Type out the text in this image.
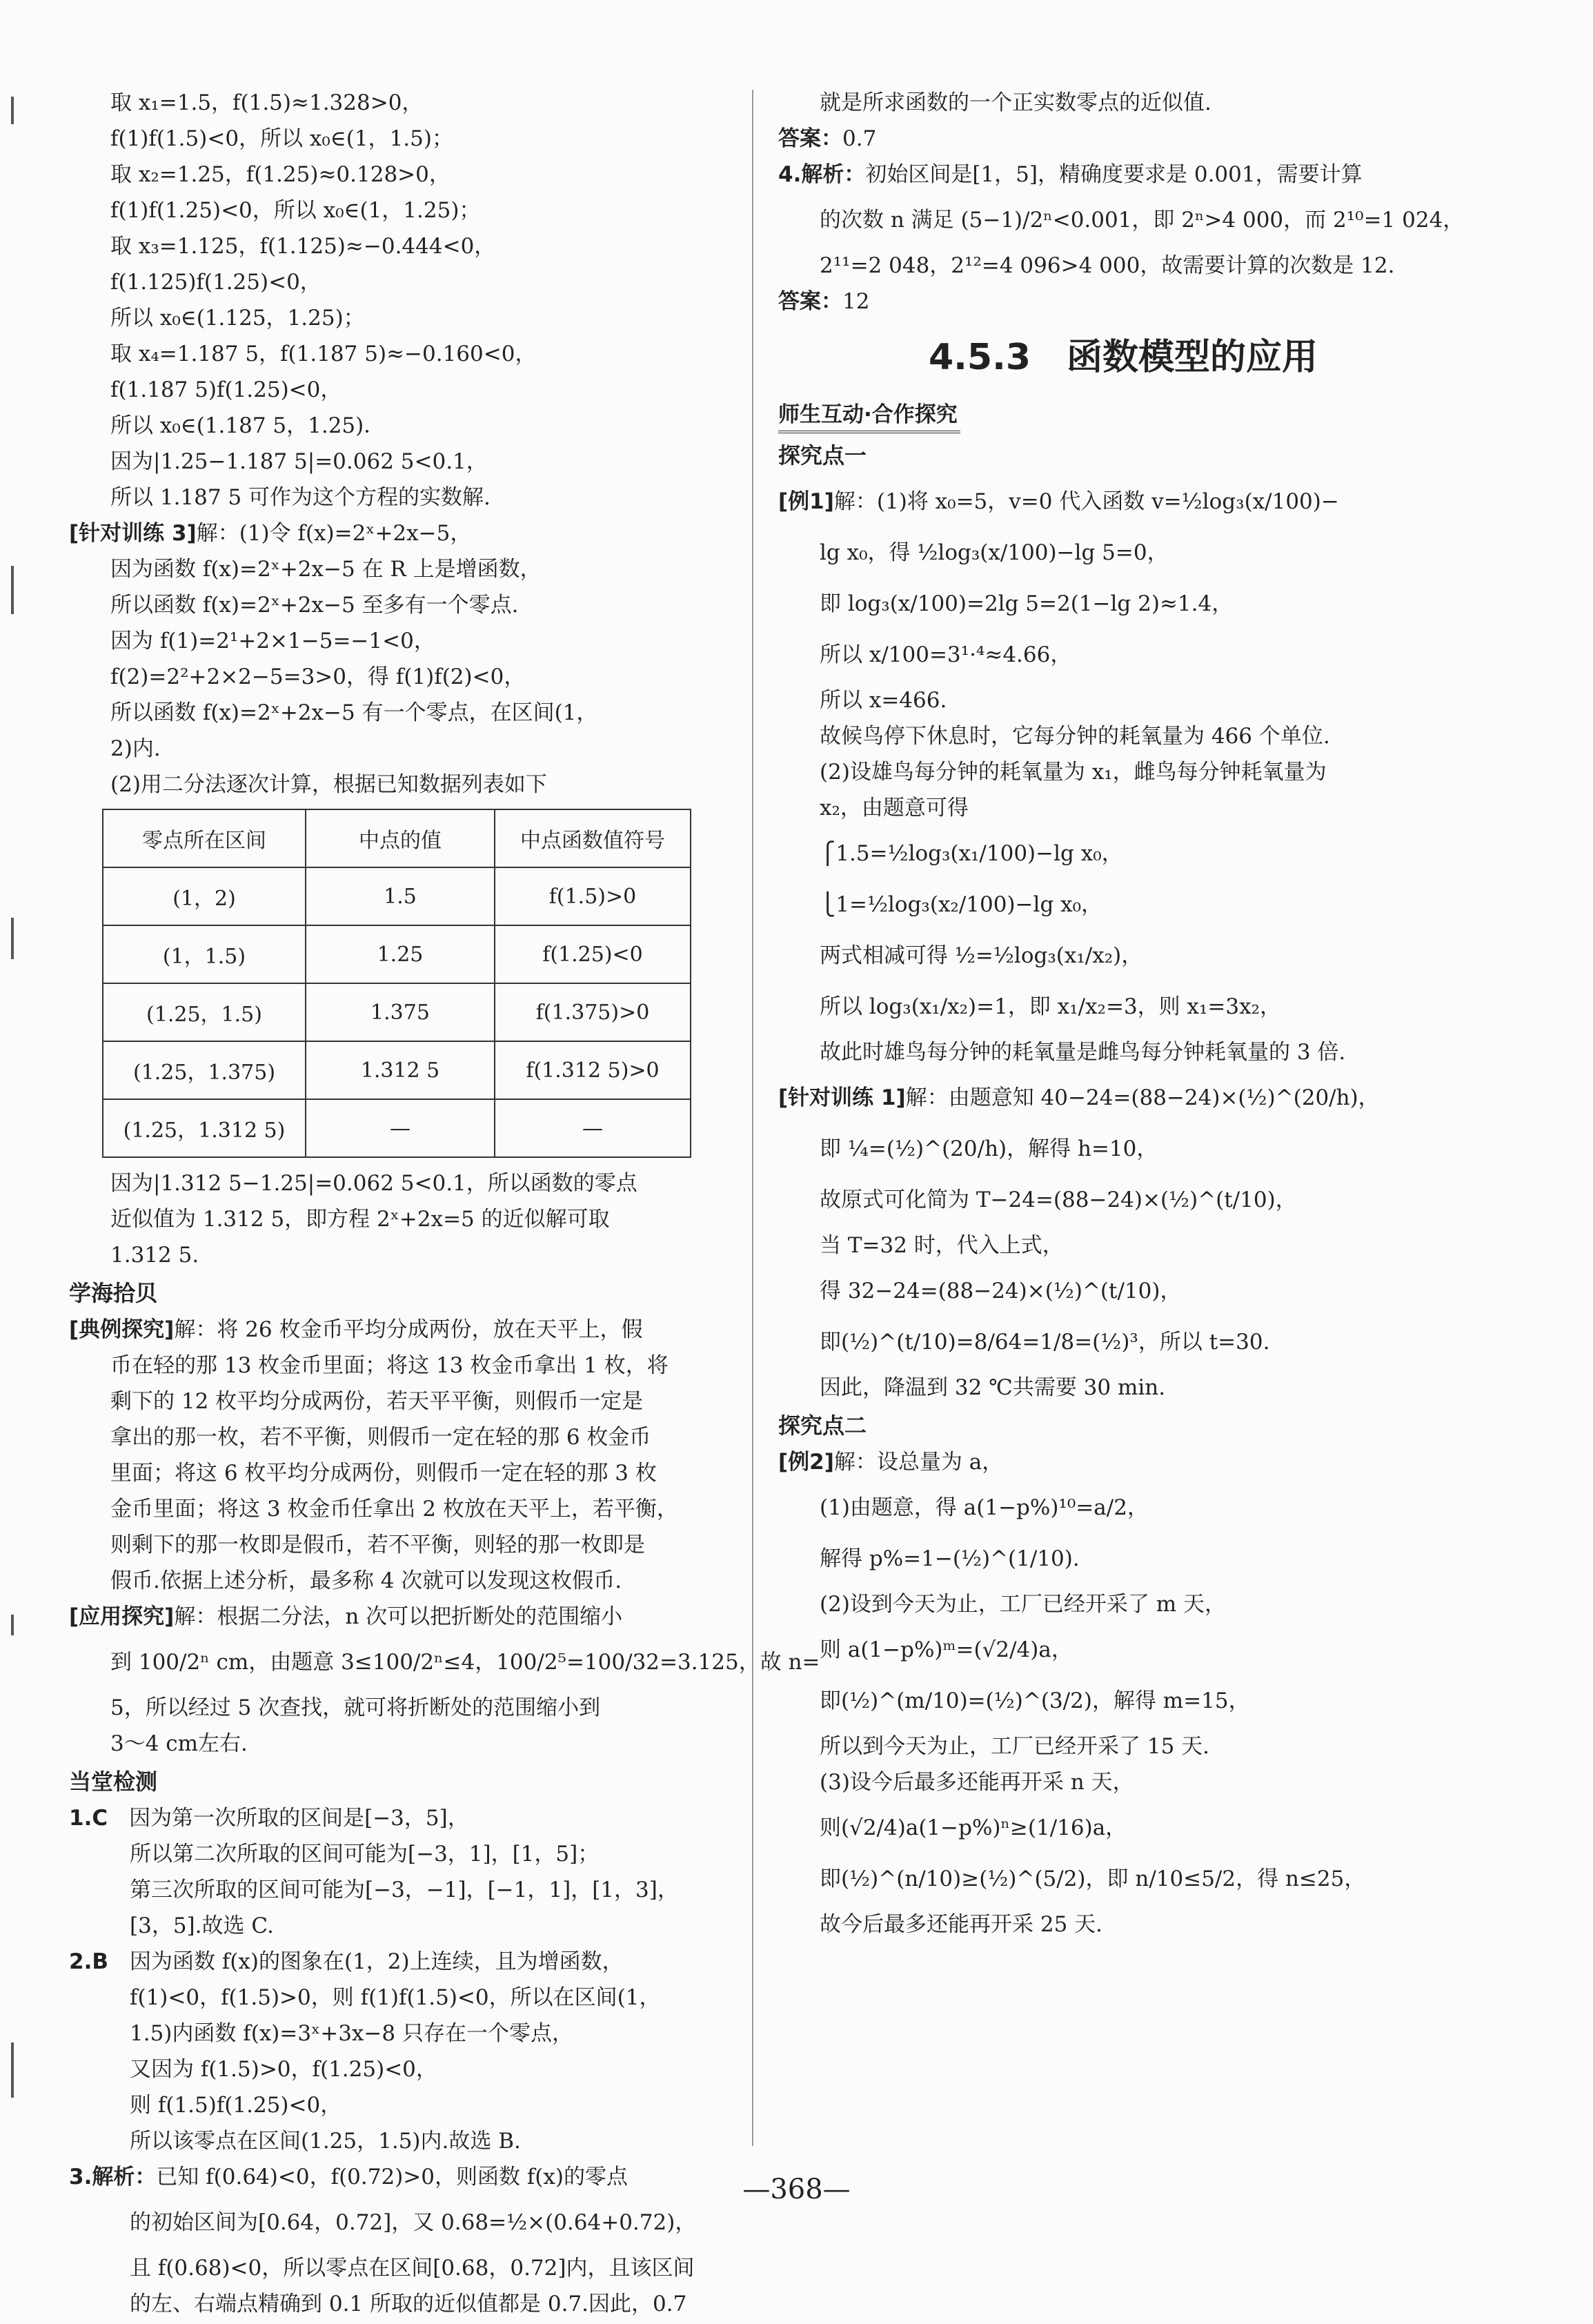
取 x₁=1.5，f(1.5)≈1.328>0，
f(1)f(1.5)<0，所以 x₀∈(1，1.5)；
取 x₂=1.25，f(1.25)≈0.128>0，
f(1)f(1.25)<0，所以 x₀∈(1，1.25)；
取 x₃=1.125，f(1.125)≈−0.444<0，
f(1.125)f(1.25)<0，
所以 x₀∈(1.125，1.25)；
取 x₄=1.187 5，f(1.187 5)≈−0.160<0，
f(1.187 5)f(1.25)<0，
所以 x₀∈(1.187 5，1.25)．
因为|1.25−1.187 5|=0.062 5<0.1，
所以 1.187 5 可作为这个方程的实数解.
[针对训练 3]解：(1)令 f(x)=2ˣ+2x−5，
因为函数 f(x)=2ˣ+2x−5 在 R 上是增函数，
所以函数 f(x)=2ˣ+2x−5 至多有一个零点.
因为 f(1)=2¹+2×1−5=−1<0，
f(2)=2²+2×2−5=3>0，得 f(1)f(2)<0，
所以函数 f(x)=2ˣ+2x−5 有一个零点，在区间(1，
2)内.
(2)用二分法逐次计算，根据已知数据列表如下
零点所在区间	中点的值	中点函数值符号
(1，2)	1.5	f(1.5)>0
(1，1.5)	1.25	f(1.25)<0
(1.25，1.5)	1.375	f(1.375)>0
(1.25，1.375)	1.312 5	f(1.312 5)>0
(1.25，1.312 5)	—	—
因为|1.312 5−1.25|=0.062 5<0.1，所以函数的零点
近似值为 1.312 5，即方程 2ˣ+2x=5 的近似解可取
1.312 5.
学海拾贝
[典例探究]解：将 26 枚金币平均分成两份，放在天平上，假
币在轻的那 13 枚金币里面；将这 13 枚金币拿出 1 枚，将
剩下的 12 枚平均分成两份，若天平平衡，则假币一定是
拿出的那一枚，若不平衡，则假币一定在轻的那 6 枚金币
里面；将这 6 枚平均分成两份，则假币一定在轻的那 3 枚
金币里面；将这 3 枚金币任拿出 2 枚放在天平上，若平衡，
则剩下的那一枚即是假币，若不平衡，则轻的那一枚即是
假币.依据上述分析，最多称 4 次就可以发现这枚假币.
[应用探究]解：根据二分法，n 次可以把折断处的范围缩小
到 100/2ⁿ cm，由题意 3≤100/2ⁿ≤4，100/2⁵=100/32=3.125，故 n=
5，所以经过 5 次查找，就可将折断处的范围缩小到
3～4 cm左右.
当堂检测
1.C　 因为第一次所取的区间是[−3，5]，
所以第二次所取的区间可能为[−3，1]，[1，5]；
第三次所取的区间可能为[−3，−1]，[−1，1]，[1，3]，
[3，5].故选 C.
2.B　 因为函数 f(x)的图象在(1，2)上连续，且为增函数，
f(1)<0，f(1.5)>0，则 f(1)f(1.5)<0，所以在区间(1，
1.5)内函数 f(x)=3ˣ+3x−8 只存在一个零点，
又因为 f(1.5)>0，f(1.25)<0，
则 f(1.5)f(1.25)<0，
所以该零点在区间(1.25，1.5)内.故选 B.
3.解析：已知 f(0.64)<0，f(0.72)>0，则函数 f(x)的零点
的初始区间为[0.64，0.72]，又 0.68=½×(0.64+0.72)，
且 f(0.68)<0，所以零点在区间[0.68，0.72]内，且该区间
的左、右端点精确到 0.1 所取的近似值都是 0.7.因此，0.7
就是所求函数的一个正实数零点的近似值.
答案：0.7
4.解析：初始区间是[1，5]，精确度要求是 0.001，需要计算
的次数 n 满足 (5−1)/2ⁿ<0.001，即 2ⁿ>4 000，而 2¹⁰=1 024，
2¹¹=2 048，2¹²=4 096>4 000，故需要计算的次数是 12.
答案：12
4.5.3　函数模型的应用
师生互动·合作探究
探究点一
[例1]解：(1)将 x₀=5，v=0 代入函数 v=½log₃(x/100)−
lg x₀，得 ½log₃(x/100)−lg 5=0，
即 log₃(x/100)=2lg 5=2(1−lg 2)≈1.4，
所以 x/100=3¹·⁴≈4.66，
所以 x=466.
故候鸟停下休息时，它每分钟的耗氧量为 466 个单位.
(2)设雄鸟每分钟的耗氧量为 x₁，雌鸟每分钟耗氧量为
x₂，由题意可得
⎧1.5=½log₃(x₁/100)−lg x₀，
⎩1=½log₃(x₂/100)−lg x₀，
两式相减可得 ½=½log₃(x₁/x₂)，
所以 log₃(x₁/x₂)=1，即 x₁/x₂=3，则 x₁=3x₂，
故此时雄鸟每分钟的耗氧量是雌鸟每分钟耗氧量的 3 倍.
[针对训练 1]解：由题意知 40−24=(88−24)×(½)^(20/h)，
即 ¼=(½)^(20/h)，解得 h=10，
故原式可化简为 T−24=(88−24)×(½)^(t/10)，
当 T=32 时，代入上式，
得 32−24=(88−24)×(½)^(t/10)，
即(½)^(t/10)=8/64=1/8=(½)³，所以 t=30.
因此，降温到 32 ℃共需要 30 min.
探究点二
[例2]解：设总量为 a，
(1)由题意，得 a(1−p%)¹⁰=a/2，
解得 p%=1−(½)^(1/10).
(2)设到今天为止，工厂已经开采了 m 天，
则 a(1−p%)ᵐ=(√2/4)a，
即(½)^(m/10)=(½)^(3/2)，解得 m=15，
所以到今天为止，工厂已经开采了 15 天.
(3)设今后最多还能再开采 n 天，
则(√2/4)a(1−p%)ⁿ≥(1/16)a，
即(½)^(n/10)≥(½)^(5/2)，即 n/10≤5/2，得 n≤25，
故今后最多还能再开采 25 天.
—368—
